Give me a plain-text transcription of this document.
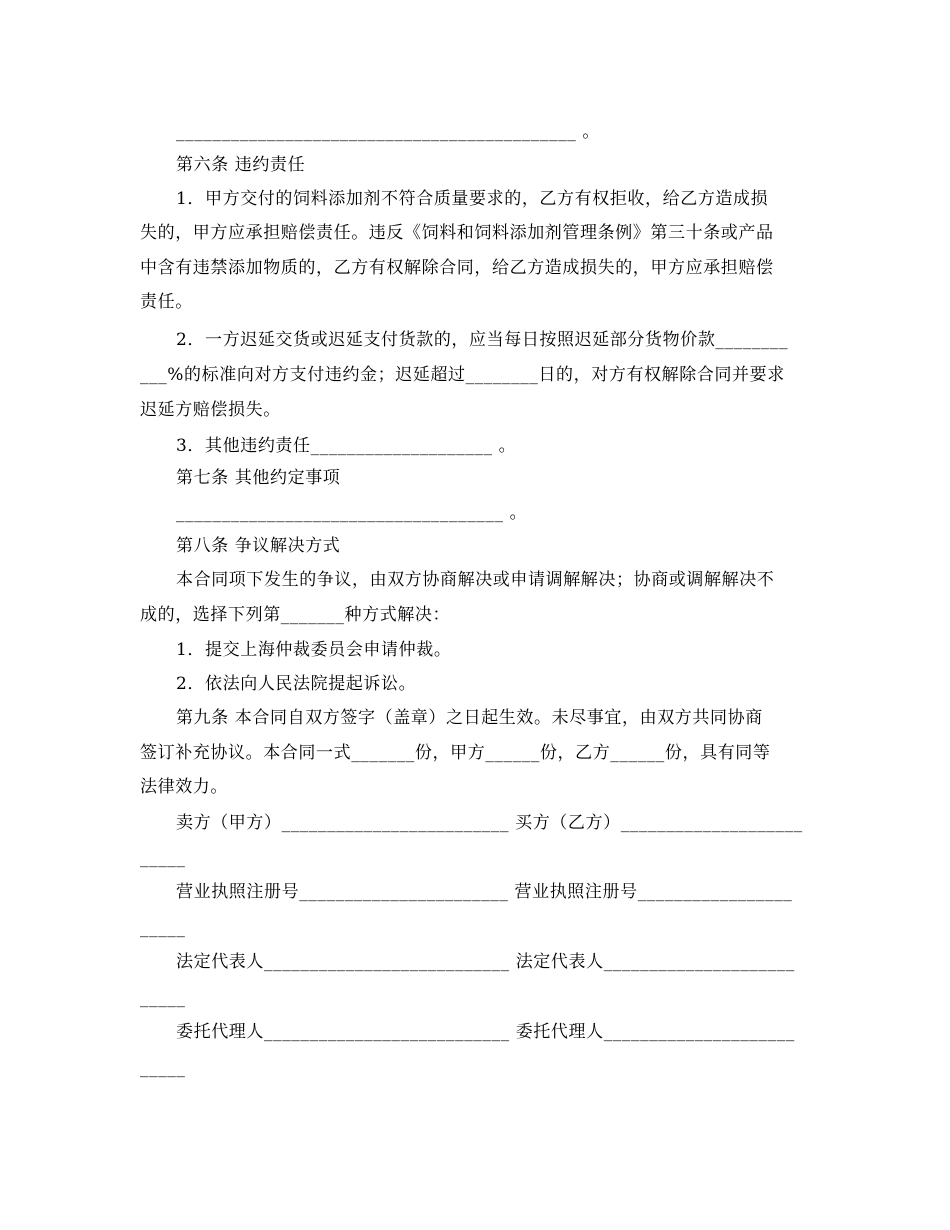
____________________________________________ 。
第六条 违约责任
1．甲方交付的饲料添加剂不符合质量要求的，乙方有权拒收，给乙方造成损
失的，甲方应承担赔偿责任。违反《饲料和饲料添加剂管理条例》第三十条或产品
中含有违禁添加物质的，乙方有权解除合同，给乙方造成损失的，甲方应承担赔偿
责任。
2．一方迟延交货或迟延支付货款的，应当每日按照迟延部分货物价款________
___%的标准向对方支付违约金；迟延超过________日的，对方有权解除合同并要求
迟延方赔偿损失。
3．其他违约责任____________________ 。
第七条 其他约定事项
____________________________________ 。
第八条 争议解决方式
本合同项下发生的争议，由双方协商解决或申请调解解决；协商或调解解决不
成的，选择下列第_______种方式解决：
1．提交上海仲裁委员会申请仲裁。
2．依法向人民法院提起诉讼。
第九条 本合同自双方签字（盖章）之日起生效。未尽事宜，由双方共同协商
签订补充协议。本合同一式_______份，甲方______份，乙方______份，具有同等
法律效力。
卖方（甲方）_________________________ 买方（乙方）____________________
_____
营业执照注册号_______________________ 营业执照注册号_________________
_____
法定代表人___________________________ 法定代表人_____________________
_____
委托代理人___________________________ 委托代理人_____________________
_____
